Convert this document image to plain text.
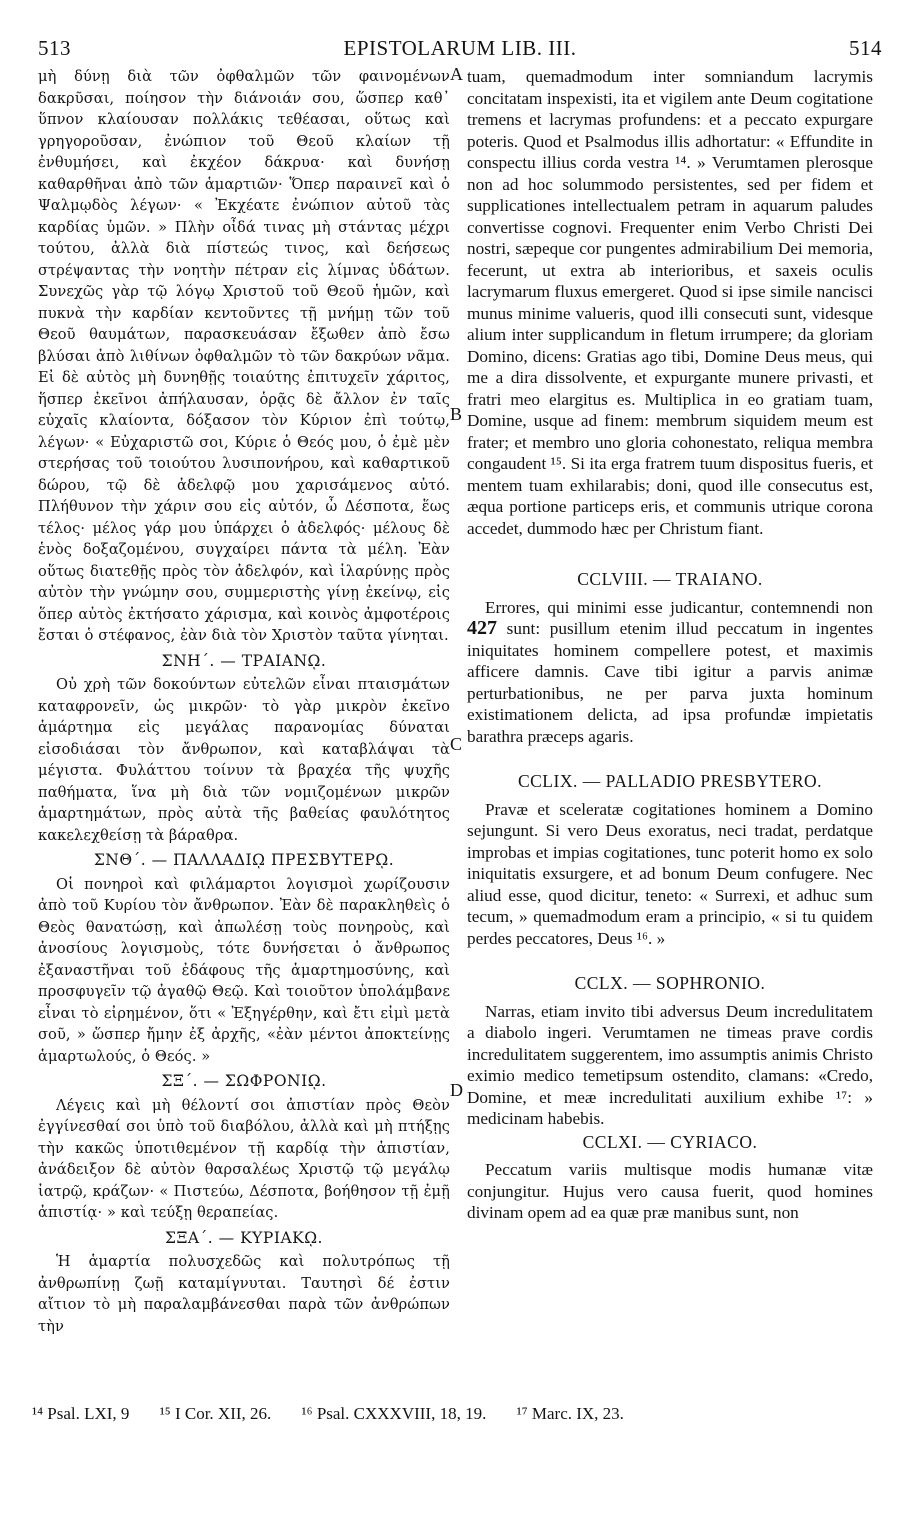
513	EPISTOLARUM LIB. III.	514

μὴ δύνῃ διὰ τῶν ὀφθαλμῶν τῶν φαινομένων δακρῦσαι, ποίησον τὴν διάνοιάν σου, ὥσπερ καθ᾽ ὕπνον κλαίουσαν πολλάκις τεθέασαι, οὕτως καὶ γρηγοροῦσαν, ἐνώπιον τοῦ Θεοῦ κλαίων τῇ ἐνθυμήσει, καὶ ἐκχέον δάκρυα· καὶ δυνήσῃ καθαρθῆναι ἀπὸ τῶν ἁμαρτιῶν· Ὅπερ παραινεῖ καὶ ὁ Ψαλμῳδὸς λέγων· « Ἐκχέατε ἐνώπιον αὐτοῦ τὰς καρδίας ὑμῶν. » Πλὴν οἶδά τινας μὴ στάντας μέχρι τούτου, ἀλλὰ διὰ πίστεώς τινος, καὶ δεήσεως στρέψαντας τὴν νοητὴν πέτραν εἰς λίμνας ὑδάτων. Συνεχῶς γὰρ τῷ λόγῳ Χριστοῦ τοῦ Θεοῦ ἡμῶν, καὶ πυκνὰ τὴν καρδίαν κεντοῦντες τῇ μνήμῃ τῶν τοῦ Θεοῦ θαυμάτων, παρασκευάσαν ἔξωθεν ἀπὸ ἔσω βλύσαι ἀπὸ λιθίνων ὀφθαλμῶν τὸ τῶν δακρύων νᾶμα. Εἰ δὲ αὐτὸς μὴ δυνηθῇς τοιαύτης ἐπιτυχεῖν χάριτος, ἥσπερ ἐκεῖνοι ἀπήλαυσαν, ὁρᾷς δὲ ἄλλον ἐν ταῖς εὐχαῖς κλαίοντα, δόξασον τὸν Κύριον ἐπὶ τούτῳ, λέγων· « Εὐχαριστῶ σοι, Κύριε ὁ Θεός μου, ὁ ἐμὲ μὲν στερήσας τοῦ τοιούτου λυσιπονήρου, καὶ καθαρτικοῦ δώρου, τῷ δὲ ἀδελφῷ μου χαρισάμενος αὐτό. Πλήθυνον τὴν χάριν σου εἰς αὐτόν, ὦ Δέσποτα, ἕως τέλος· μέλος γάρ μου ὑπάρχει ὁ ἀδελφός· μέλους δὲ ἑνὸς δοξαζομένου, συγχαίρει πάντα τὰ μέλη. Ἐὰν οὕτως διατεθῇς πρὸς τὸν ἀδελφόν, καὶ ἱλαρύνῃς πρὸς αὐτὸν τὴν γνώμην σου, συμμεριστὴς γίνῃ ἐκείνῳ, εἰς ὅπερ αὐτὸς ἐκτήσατο χάρισμα, καὶ κοινὸς ἀμφοτέροις ἔσται ὁ στέφανος, ἐὰν διὰ τὸν Χριστὸν ταῦτα γίνηται.

ΣΝΗ´. — ΤΡΑΙΑΝῼ.

Οὐ χρὴ τῶν δοκούντων εὐτελῶν εἶναι πταισμάτων καταφρονεῖν, ὡς μικρῶν· τὸ γὰρ μικρὸν ἐκεῖνο ἁμάρτημα εἰς μεγάλας παρανομίας δύναται εἰσοδιάσαι τὸν ἄνθρωπον, καὶ καταβλάψαι τὰ μέγιστα. Φυλάττου τοίνυν τὰ βραχέα τῆς ψυχῆς παθήματα, ἵνα μὴ διὰ τῶν νομιζομένων μικρῶν ἁμαρτημάτων, πρὸς αὐτὰ τῆς βαθείας φαυλότητος κακελεχθείσῃ τὰ βάραθρα.

ΣΝΘ´. — ΠΑΛΛΑΔΙῼ ΠΡΕΣΒΥΤΕΡῼ.

Οἱ πονηροὶ καὶ φιλάμαρτοι λογισμοὶ χωρίζουσιν ἀπὸ τοῦ Κυρίου τὸν ἄνθρωπον. Ἐὰν δὲ παρακληθεὶς ὁ Θεὸς θανατώσῃ, καὶ ἀπωλέσῃ τοὺς πονηροὺς, καὶ ἀνοσίους λογισμοὺς, τότε δυνήσεται ὁ ἄνθρωπος ἐξαναστῆναι τοῦ ἐδάφους τῆς ἁμαρτημοσύνης, καὶ προσφυγεῖν τῷ ἀγαθῷ Θεῷ. Καὶ τοιοῦτον ὑπολάμβανε εἶναι τὸ εἰρημένον, ὅτι « Ἐξηγέρθην, καὶ ἔτι εἰμὶ μετὰ σοῦ, » ὥσπερ ἤμην ἐξ ἀρχῆς, «ἐὰν μέντοι ἀποκτείνῃς ἁμαρτωλούς, ὁ Θεός. »

ΣΞ´. — ΣΩΦΡΟΝΙῼ.

Λέγεις καὶ μὴ θέλοντί σοι ἀπιστίαν πρὸς Θεὸν ἐγγίνεσθαί σοι ὑπὸ τοῦ διαβόλου, ἀλλὰ καὶ μὴ πτήξῃς τὴν κακῶς ὑποτιθεμένον τῇ καρδίᾳ τὴν ἀπιστίαν, ἀνάδειξον δὲ αὐτὸν θαρσαλέως Χριστῷ τῷ μεγάλῳ ἰατρῷ, κράζων· « Πιστεύω, Δέσποτα, βοήθησον τῇ ἐμῇ ἀπιστίᾳ· » καὶ τεύξῃ θεραπείας.

ΣΞΑ´. — ΚΥΡΙΑΚῼ.

Ἡ ἁμαρτία πολυσχεδῶς καὶ πολυτρόπως τῇ ἀνθρωπίνῃ ζωῇ καταμίγνυται. Ταυτησὶ δέ ἐστιν αἴτιον τὸ μὴ παραλαμβάνεσθαι παρὰ τῶν ἀνθρώπων τὴν

A
B
C
D

tuam, quemadmodum inter somniandum lacrymis concitatam inspexisti, ita et vigilem ante Deum cogitatione tremens et lacrymas profundens: et a peccato expurgare poteris. Quod et Psalmodus illis adhortatur: « Effundite in conspectu illius corda vestra ¹⁴. » Verumtamen plerosque non ad hoc solummodo persistentes, sed per fidem et supplicationes intellectualem petram in aquarum paludes convertisse cognovi. Frequenter enim Verbo Christi Dei nostri, sæpeque cor pungentes admirabilium Dei memoria, fecerunt, ut extra ab interioribus, et saxeis oculis lacrymarum fluxus emergeret. Quod si ipse simile nancisci munus minime valueris, quod illi consecuti sunt, videsque alium inter supplicandum in fletum irrumpere; da gloriam Domino, dicens: Gratias ago tibi, Domine Deus meus, qui me a dira dissolvente, et expurgante munere privasti, et fratri meo elargitus es. Multiplica in eo gratiam tuam, Domine, usque ad finem: membrum siquidem meum est frater; et membro uno gloria cohonestato, reliqua membra congaudent ¹⁵. Si ita erga fratrem tuum dispositus fueris, et mentem tuam exhilarabis; doni, quod ille consecutus est, æqua portione particeps eris, et communis utrique corona accedet, dummodo hæc per Christum fiant.

CCLVIII. — TRAIANO.

Errores, qui minimi esse judicantur, contemnendi non 427 sunt: pusillum etenim illud peccatum in ingentes iniquitates hominem compellere potest, et maximis afficere damnis. Cave tibi igitur a parvis animæ perturbationibus, ne per parva juxta hominum existimationem delicta, ad ipsa profundæ impietatis barathra præceps agaris.

CCLIX. — PALLADIO PRESBYTERO.

Pravæ et sceleratæ cogitationes hominem a Domino sejungunt. Si vero Deus exoratus, neci tradat, perdatque improbas et impias cogitationes, tunc poterit homo ex solo iniquitatis exsurgere, et ad bonum Deum confugere. Nec aliud esse, quod dicitur, teneto: « Surrexi, et adhuc sum tecum, » quemadmodum eram a principio, « si tu quidem perdes peccatores, Deus ¹⁶. »

CCLX. — SOPHRONIO.

Narras, etiam invito tibi adversus Deum incredulitatem a diabolo ingeri. Verumtamen ne timeas prave cordis incredulitatem suggerentem, imo assumptis animis Christo eximio medico temetipsum ostendito, clamans: «Credo, Domine, et meæ incredulitati auxilium exhibe ¹⁷: » medicinam habebis.

CCLXI. — CYRIACO.

Peccatum variis multisque modis humanæ vitæ conjungitur. Hujus vero causa fuerit, quod homines divinam opem ad ea quæ præ manibus sunt, non

¹⁴ Psal. LXI, 9 ¹⁵ I Cor. XII, 26. ¹⁶ Psal. CXXXVIII, 18, 19. ¹⁷ Marc. IX, 23.
